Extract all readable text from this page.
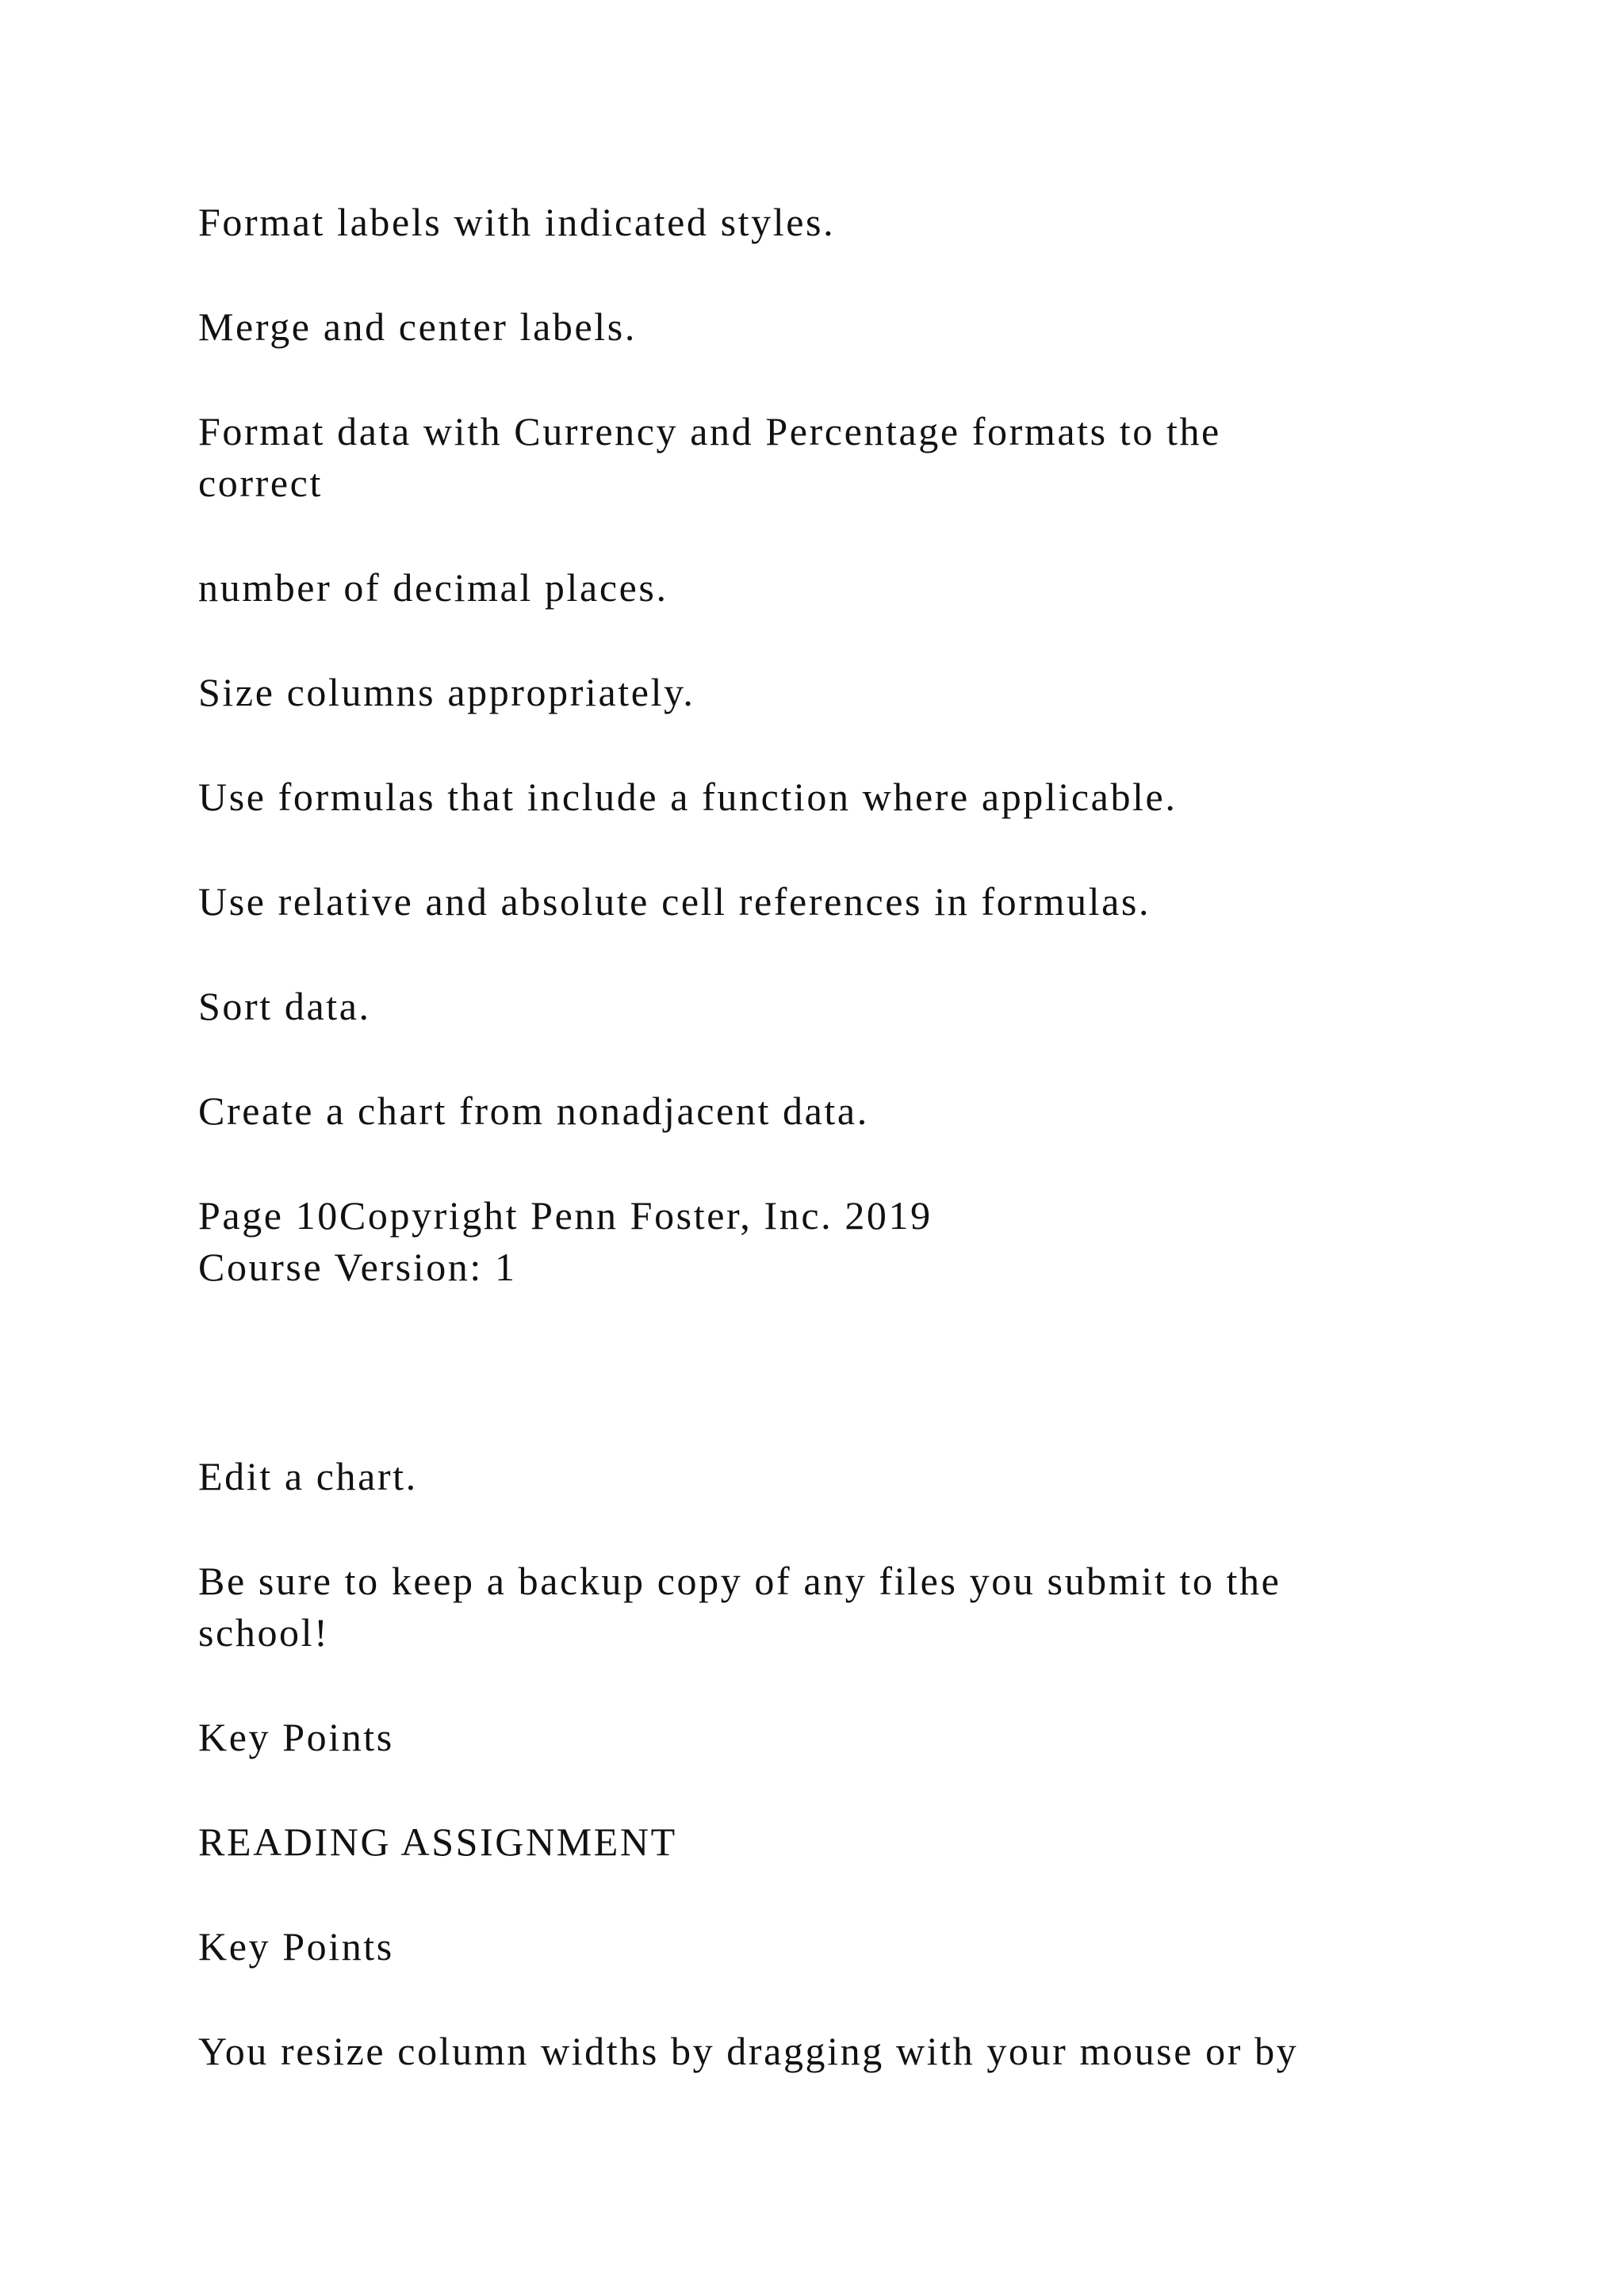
Format labels with indicated styles.

Merge and center labels.

Format data with Currency and Percentage formats to the

correct

number of decimal places.

Size columns appropriately.

Use formulas that include a function where applicable.

Use relative and absolute cell references in formulas.

Sort data.

Create a chart from nonadjacent data.

Page 10Copyright Penn Foster, Inc. 2019

Course Version: 1

Edit a chart.

Be sure to keep a backup copy of any files you submit to the

school!

Key Points

READING ASSIGNMENT

Key Points

You resize column widths by dragging with your mouse or by
